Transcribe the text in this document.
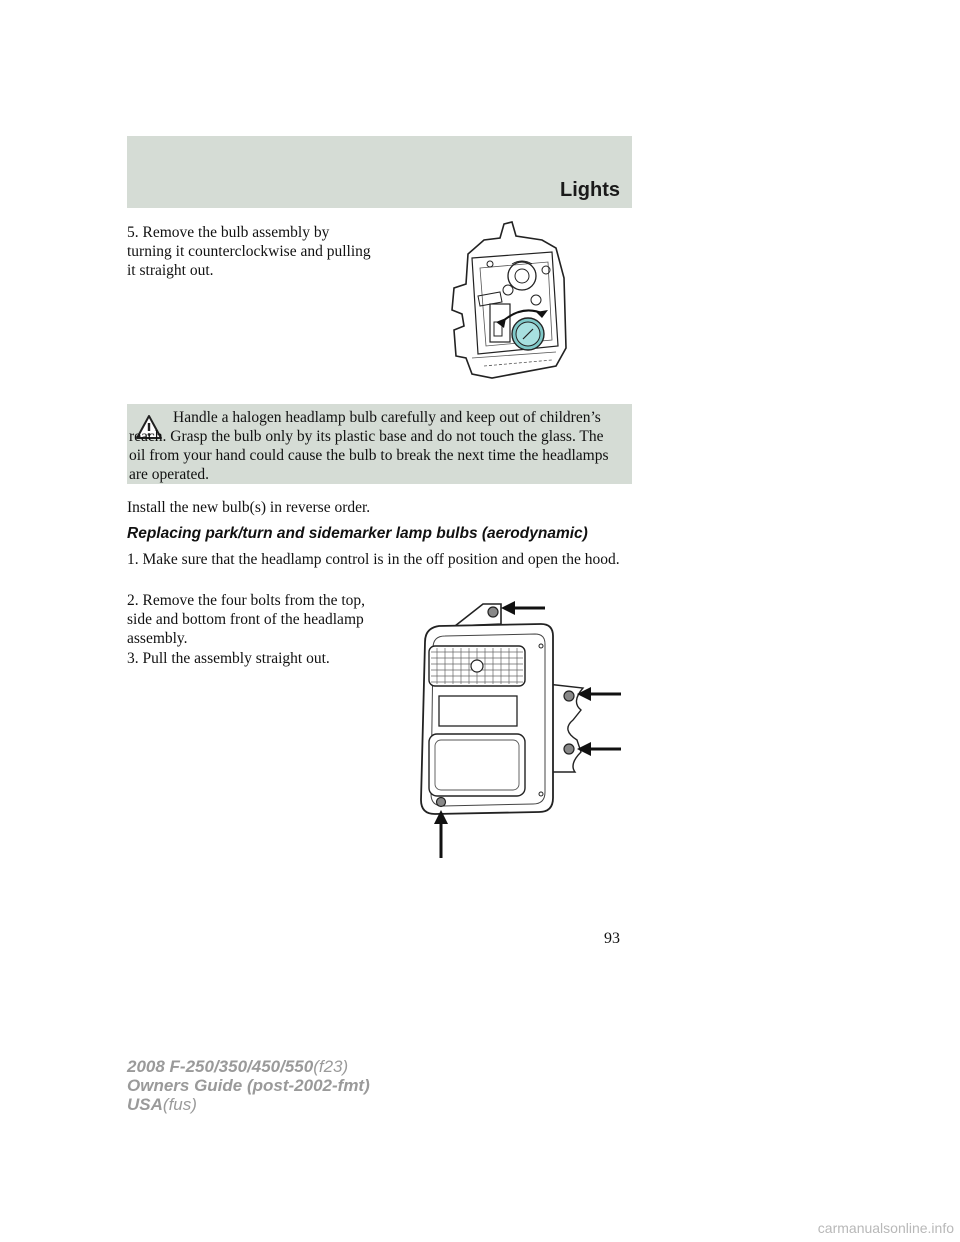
Lights

5. Remove the bulb assembly by turning it counterclockwise and pulling it straight out.

Handle a halogen headlamp bulb carefully and keep out of children’s reach. Grasp the bulb only by its plastic base and do not touch the glass. The oil from your hand could cause the bulb to break the next time the headlamps are operated.

Install the new bulb(s) in reverse order.

Replacing park/turn and sidemarker lamp bulbs (aerodynamic)

1. Make sure that the headlamp control is in the off position and open the hood.

2. Remove the four bolts from the top, side and bottom front of the headlamp assembly.

3. Pull the assembly straight out.

93
2008 F-250/350/450/550(f23)
Owners Guide (post-2002-fmt)
USA(fus)
carmanualsonline.info
